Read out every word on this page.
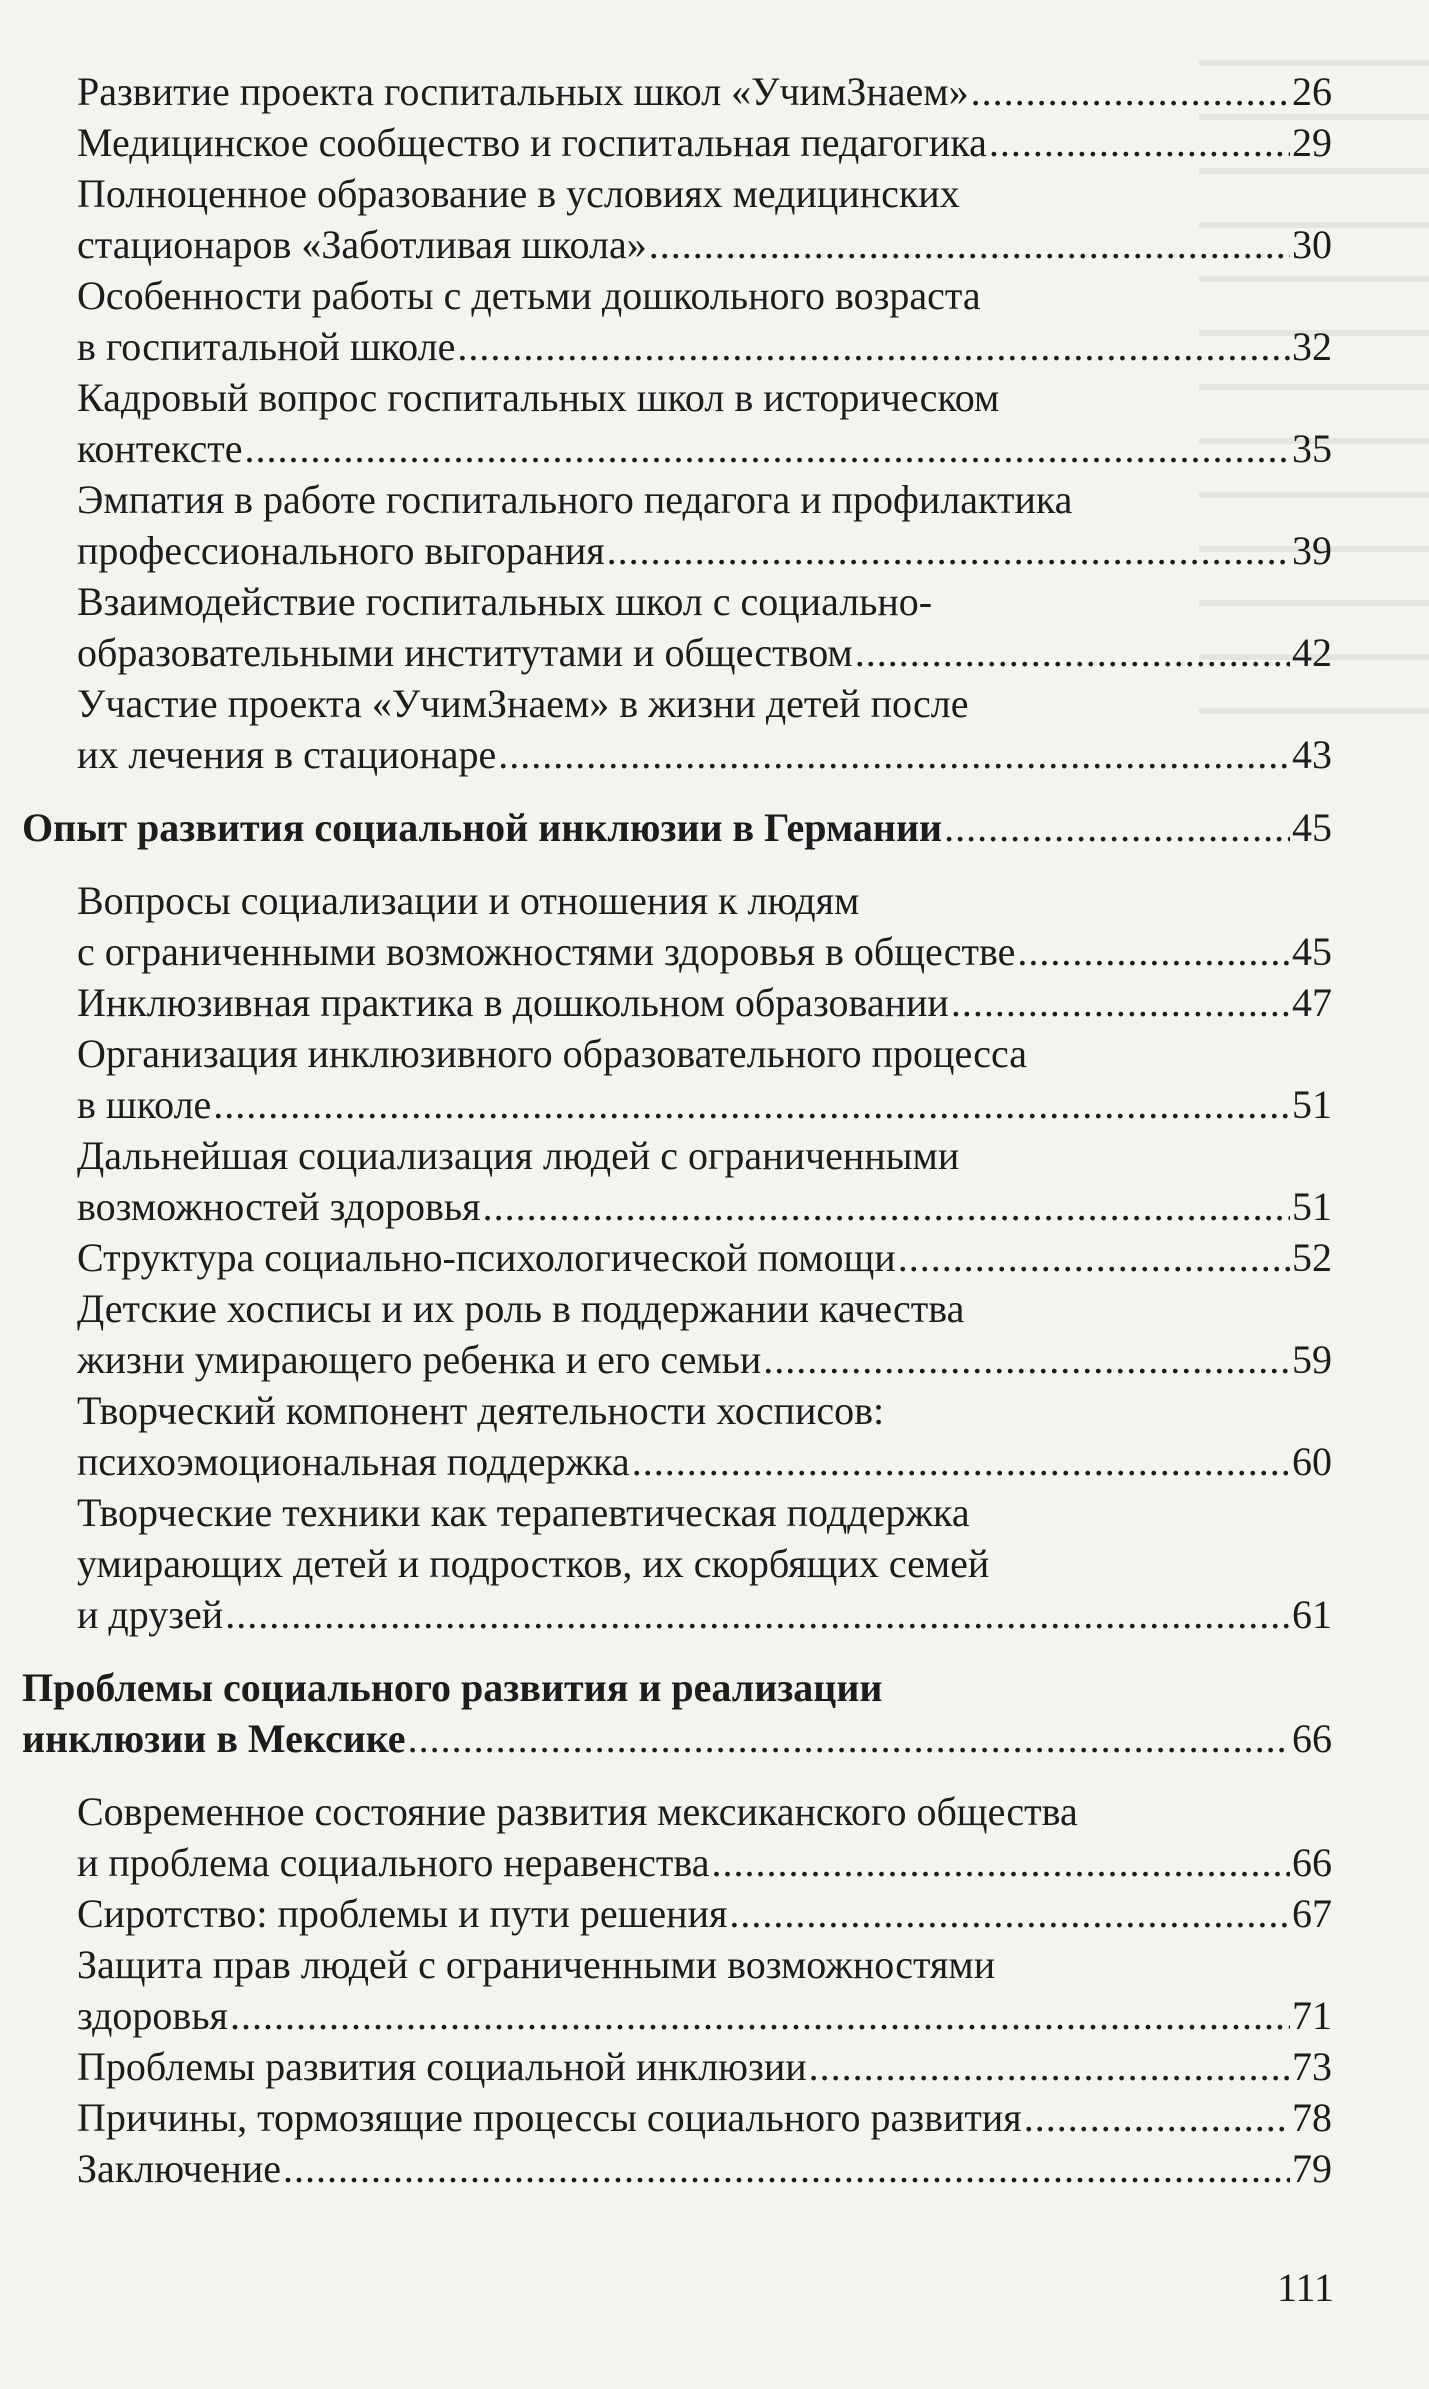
Развитие проекта госпитальных школ «УчимЗнаем» .....	26
Медицинское сообщество и госпитальная педагогика .....	29
Полноценное образование в условиях медицинских
стационаров «Заботливая школа» .....	30
Особенности работы с детьми дошкольного возраста
в госпитальной школе .....	32
Кадровый вопрос госпитальных школ в историческом
контексте .....	35
Эмпатия в работе госпитального педагога и профилактика
профессионального выгорания .....	39
Взаимодействие госпитальных школ с социально-
образовательными институтами и обществом .....	42
Участие проекта «УчимЗнаем» в жизни детей после
их лечения в стационаре .....	43
Опыт развития социальной инклюзии в Германии .....	45
Вопросы социализации и отношения к людям
с ограниченными возможностями здоровья в обществе .....	45
Инклюзивная практика в дошкольном образовании .....	47
Организация инклюзивного образовательного процесса
в школе .....	51
Дальнейшая социализация людей с ограниченными
возможностей здоровья .....	51
Структура социально-психологической помощи .....	52
Детские хосписы и их роль в поддержании качества
жизни умирающего ребенка и его семьи .....	59
Творческий компонент деятельности хосписов:
психоэмоциональная поддержка .....	60
Творческие техники как терапевтическая поддержка
умирающих детей и подростков, их скорбящих семей
и друзей .....	61
Проблемы социального развития и реализации
инклюзии в Мексике .....	66
Современное состояние развития мексиканского общества
и проблема социального неравенства .....	66
Сиротство: проблемы и пути решения .....	67
Защита прав людей с ограниченными возможностями
здоровья .....	71
Проблемы развития социальной инклюзии .....	73
Причины, тормозящие процессы социального развития .....	78
Заключение .....	79
111
